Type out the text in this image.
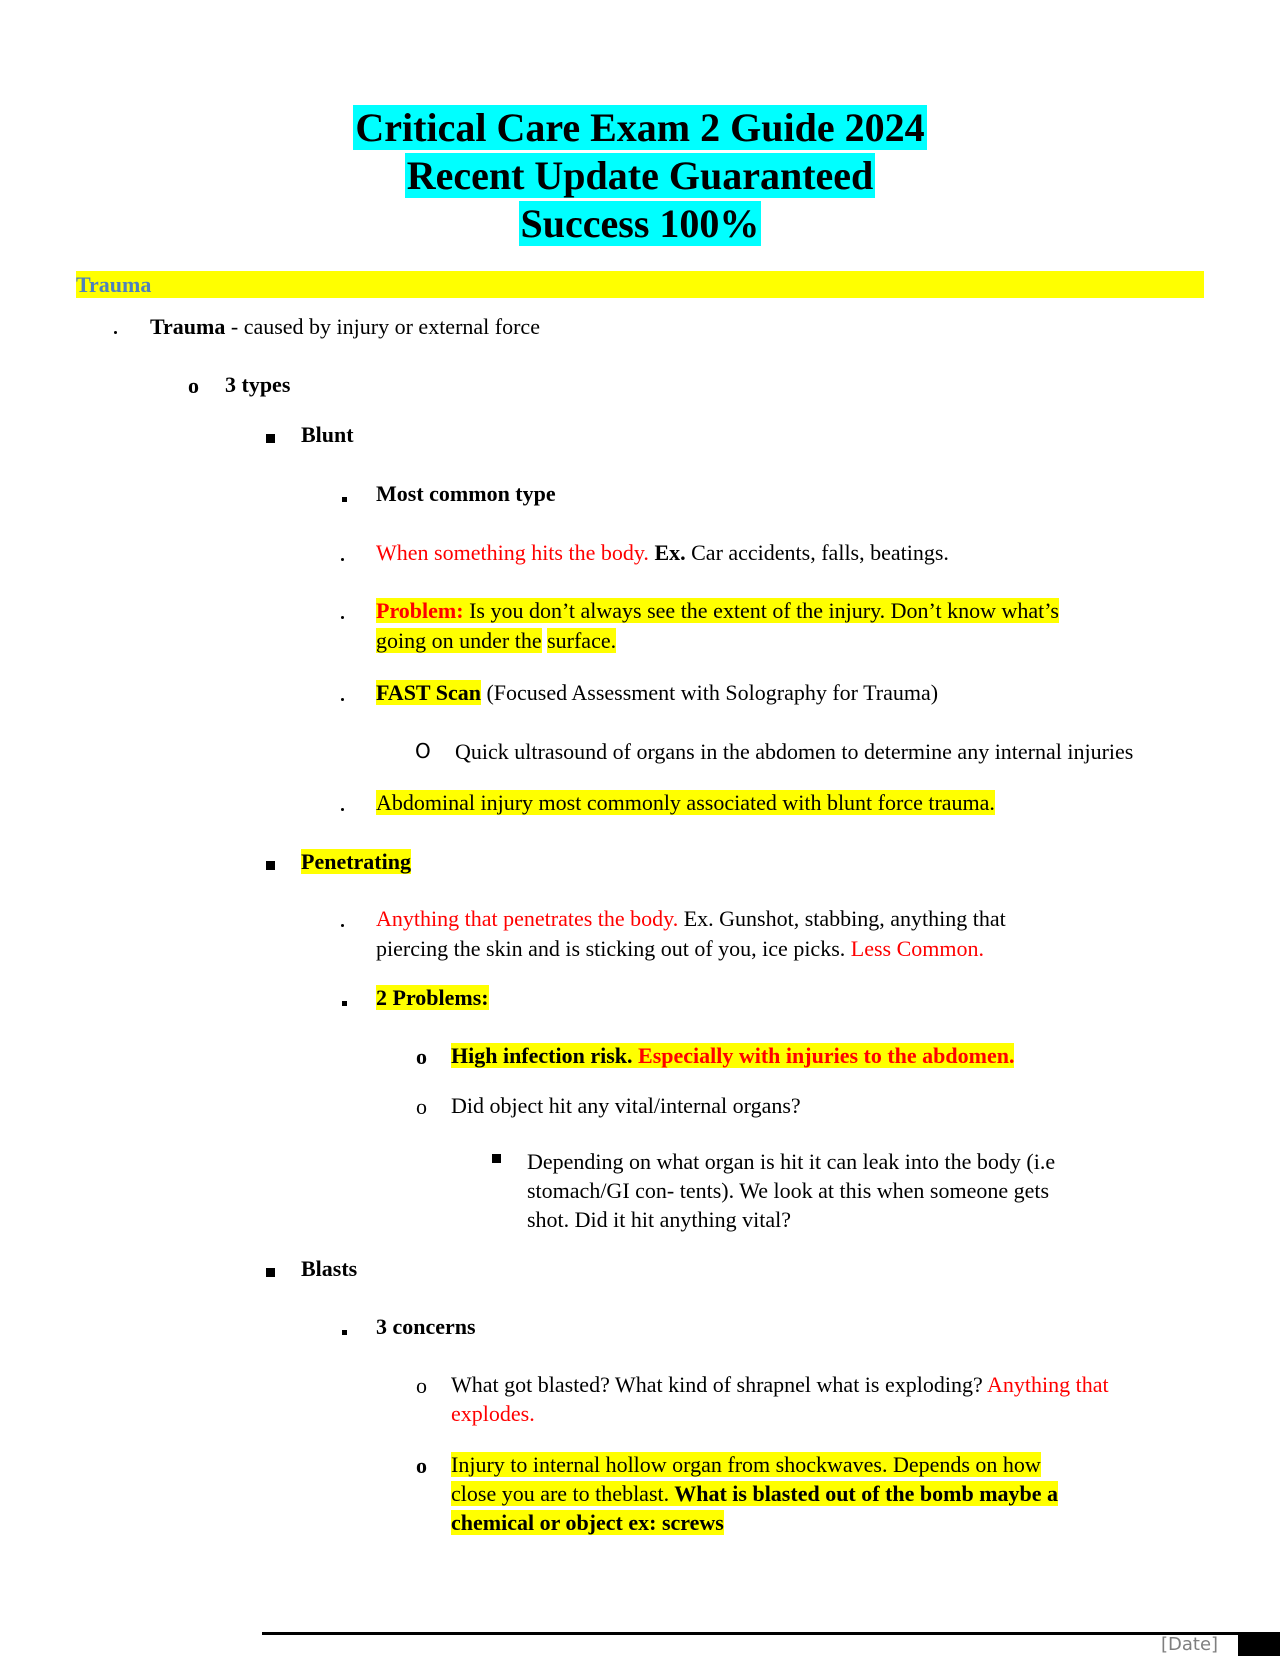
Critical Care Exam 2 Guide 2024
Recent Update Guaranteed
Success 100%
Trauma
Trauma - caused by injury or external force
o 3 types
Blunt
Most common type
When something hits the body. Ex. Car accidents, falls, beatings.
Problem: Is you don’t always see the extent of the injury. Don’t know what’s
going on under the surface.
FAST Scan (Focused Assessment with Solography for Trauma)
O Quick ultrasound of organs in the abdomen to determine any internal injuries
Abdominal injury most commonly associated with blunt force trauma.
Penetrating
Anything that penetrates the body. Ex. Gunshot, stabbing, anything that
piercing the skin and is sticking out of you, ice picks. Less Common.
2 Problems:
o High infection risk. Especially with injuries to the abdomen.
o Did object hit any vital/internal organs?
Depending on what organ is hit it can leak into the body (i.e
stomach/GI con- tents). We look at this when someone gets
shot. Did it hit anything vital?
Blasts
3 concerns
o What got blasted? What kind of shrapnel what is exploding? Anything that
explodes.
o Injury to internal hollow organ from shockwaves. Depends on how
close you are to theblast. What is blasted out of the bomb maybe a
chemical or object ex: screws
[Date]
